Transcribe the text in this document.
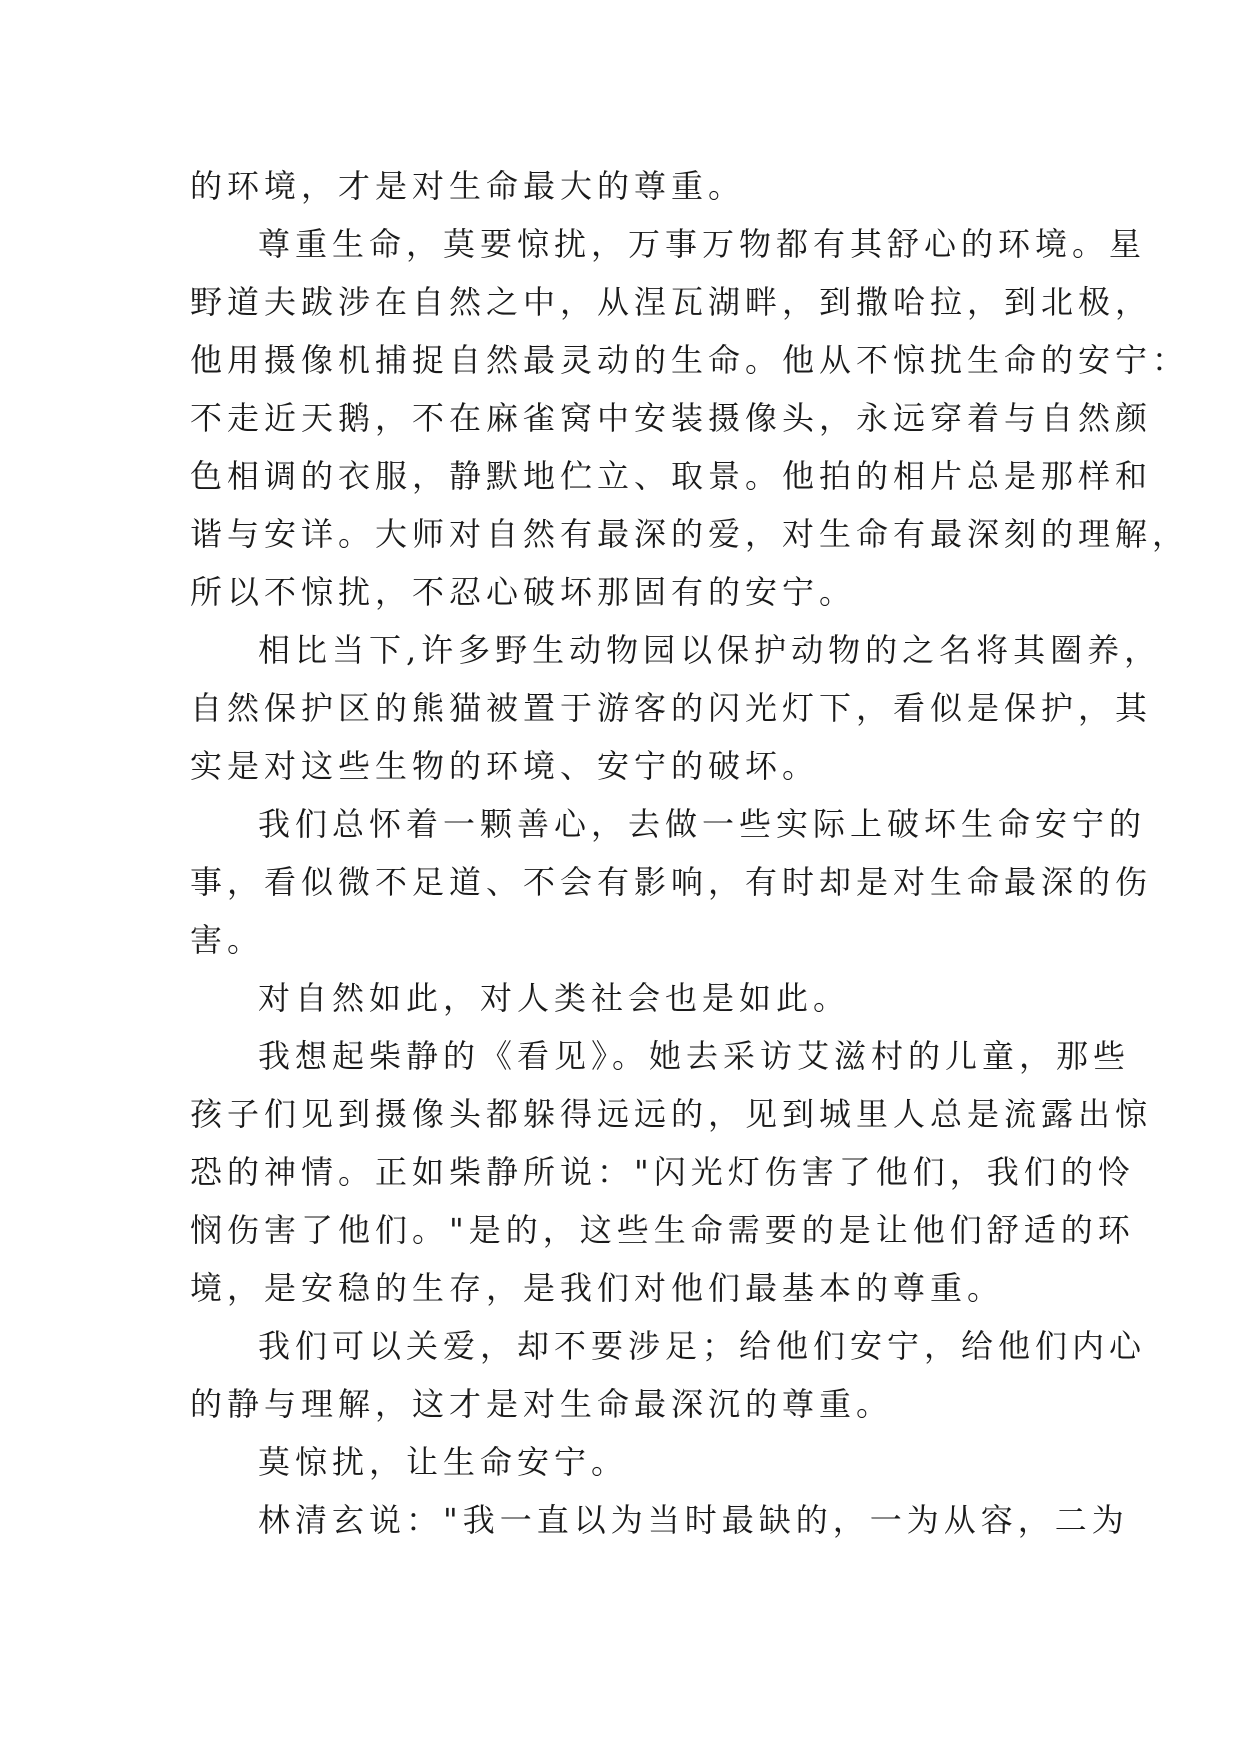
的环境，才是对生命最大的尊重。
尊重生命，莫要惊扰，万事万物都有其舒心的环境。星
野道夫跋涉在自然之中，从涅瓦湖畔，到撒哈拉，到北极，
他用摄像机捕捉自然最灵动的生命。他从不惊扰生命的安宁：
不走近天鹅，不在麻雀窝中安装摄像头，永远穿着与自然颜
色相调的衣服，静默地伫立、取景。他拍的相片总是那样和
谐与安详。大师对自然有最深的爱，对生命有最深刻的理解，
所以不惊扰，不忍心破坏那固有的安宁。
相比当下,许多野生动物园以保护动物的之名将其圈养，
自然保护区的熊猫被置于游客的闪光灯下，看似是保护，其
实是对这些生物的环境、安宁的破坏。
我们总怀着一颗善心，去做一些实际上破坏生命安宁的
事，看似微不足道、不会有影响，有时却是对生命最深的伤
害。
对自然如此，对人类社会也是如此。
我想起柴静的《看见》。她去采访艾滋村的儿童，那些
孩子们见到摄像头都躲得远远的，见到城里人总是流露出惊
恐的神情。正如柴静所说："闪光灯伤害了他们，我们的怜
悯伤害了他们。"是的，这些生命需要的是让他们舒适的环
境，是安稳的生存，是我们对他们最基本的尊重。
我们可以关爱，却不要涉足；给他们安宁，给他们内心
的静与理解，这才是对生命最深沉的尊重。
莫惊扰，让生命安宁。
林清玄说："我一直以为当时最缺的，一为从容，二为
